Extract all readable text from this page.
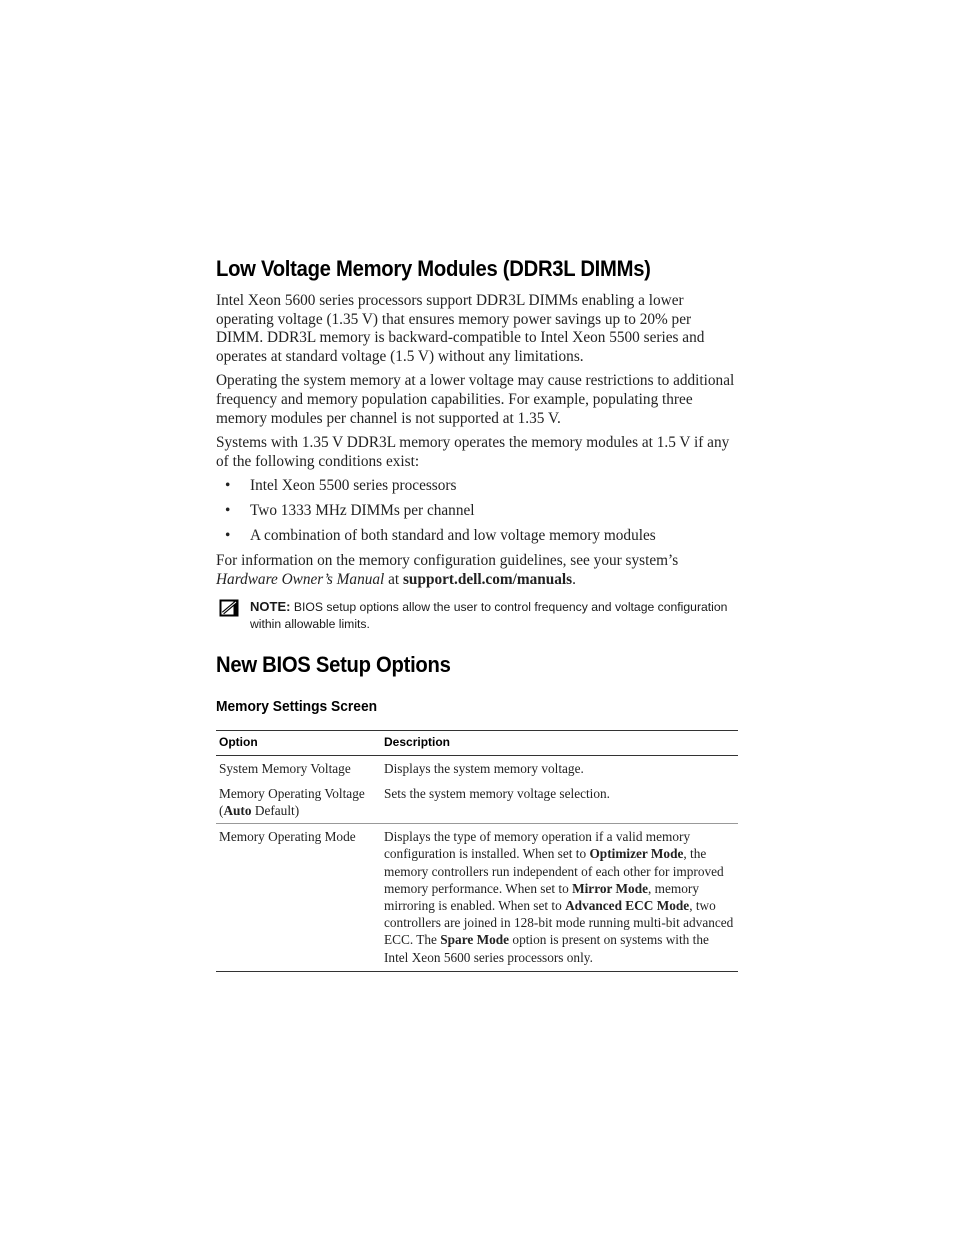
Low Voltage Memory Modules (DDR3L DIMMs)

Intel Xeon 5600 series processors support DDR3L DIMMs enabling a lower operating voltage (1.35 V) that ensures memory power savings up to 20% per DIMM. DDR3L memory is backward-compatible to Intel Xeon 5500 series and operates at standard voltage (1.5 V) without any limitations.

Operating the system memory at a lower voltage may cause restrictions to additional frequency and memory population capabilities. For example, populating three memory modules per channel is not supported at 1.35 V.

Systems with 1.35 V DDR3L memory operates the memory modules at 1.5 V if any of the following conditions exist:

• Intel Xeon 5500 series processors
• Two 1333 MHz DIMMs per channel
• A combination of both standard and low voltage memory modules

For information on the memory configuration guidelines, see your system’s Hardware Owner’s Manual at support.dell.com/manuals.

NOTE: BIOS setup options allow the user to control frequency and voltage configuration within allowable limits.
New BIOS Setup Options
Memory Settings Screen
Option	Description
System Memory Voltage	Displays the system memory voltage.
Memory Operating Voltage (Auto Default)	Sets the system memory voltage selection.
Memory Operating Mode	Displays the type of memory operation if a valid memory configuration is installed. When set to Optimizer Mode, the memory controllers run independent of each other for improved memory performance. When set to Mirror Mode, memory mirroring is enabled. When set to Advanced ECC Mode, two controllers are joined in 128-bit mode running multi-bit advanced ECC. The Spare Mode option is present on systems with the Intel Xeon 5600 series processors only.
